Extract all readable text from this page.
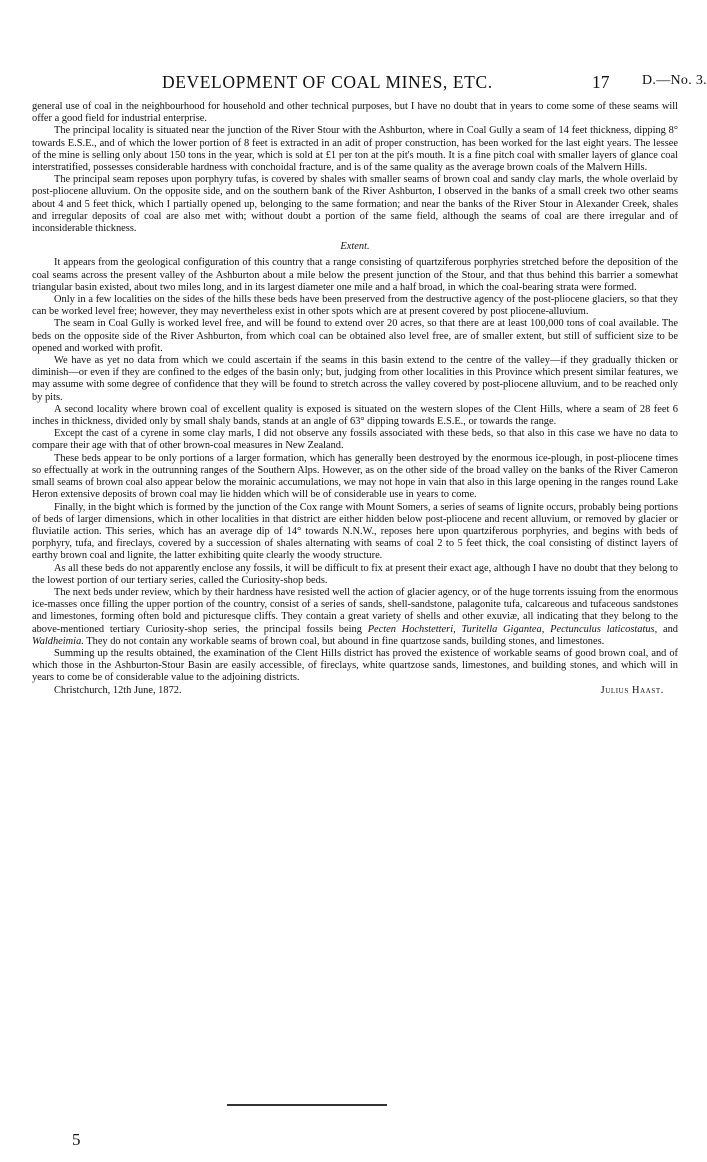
DEVELOPMENT OF COAL MINES, ETC.	17 D.—No. 3.

general use of coal in the neighbourhood for household and other technical purposes, but I have no doubt that in years to come some of these seams will offer a good field for industrial enterprise.

The principal locality is situated near the junction of the River Stour with the Ashburton, where in Coal Gully a seam of 14 feet thickness, dipping 8° towards E.S.E., and of which the lower portion of 8 feet is extracted in an adit of proper construction, has been worked for the last eight years. The lessee of the mine is selling only about 150 tons in the year, which is sold at £1 per ton at the pit's mouth. It is a fine pitch coal with smaller layers of glance coal interstratified, possesses considerable hardness with conchoidal fracture, and is of the same quality as the average brown coals of the Malvern Hills.

The principal seam reposes upon porphyry tufas, is covered by shales with smaller seams of brown coal and sandy clay marls, the whole overlaid by post-pliocene alluvium. On the opposite side, and on the southern bank of the River Ashburton, I observed in the banks of a small creek two other seams about 4 and 5 feet thick, which I partially opened up, belonging to the same formation; and near the banks of the River Stour in Alexander Creek, shales and irregular deposits of coal are also met with; without doubt a portion of the same field, although the seams of coal are there irregular and of inconsiderable thickness.

Extent.

It appears from the geological configuration of this country that a range consisting of quartziferous porphyries stretched before the deposition of the coal seams across the present valley of the Ashburton about a mile below the present junction of the Stour, and that thus behind this barrier a somewhat triangular basin existed, about two miles long, and in its largest diameter one mile and a half broad, in which the coal-bearing strata were formed.

Only in a few localities on the sides of the hills these beds have been preserved from the destructive agency of the post-pliocene glaciers, so that they can be worked level free; however, they may nevertheless exist in other spots which are at present covered by post pliocene-alluvium.

The seam in Coal Gully is worked level free, and will be found to extend over 20 acres, so that there are at least 100,000 tons of coal available. The beds on the opposite side of the River Ashburton, from which coal can be obtained also level free, are of smaller extent, but still of sufficient size to be opened and worked with profit.

We have as yet no data from which we could ascertain if the seams in this basin extend to the centre of the valley—if they gradually thicken or diminish—or even if they are confined to the edges of the basin only; but, judging from other localities in this Province which present similar features, we may assume with some degree of confidence that they will be found to stretch across the valley covered by post-pliocene alluvium, and to be reached only by pits.

A second locality where brown coal of excellent quality is exposed is situated on the western slopes of the Clent Hills, where a seam of 28 feet 6 inches in thickness, divided only by small shaly bands, stands at an angle of 63° dipping towards E.S.E., or towards the range.

Except the cast of a cyrene in some clay marls, I did not observe any fossils associated with these beds, so that also in this case we have no data to compare their age with that of other brown-coal measures in New Zealand.

These beds appear to be only portions of a larger formation, which has generally been destroyed by the enormous ice-plough, in post-pliocene times so effectually at work in the outrunning ranges of the Southern Alps. However, as on the other side of the broad valley on the banks of the River Cameron small seams of brown coal also appear below the morainic accumulations, we may not hope in vain that also in this large opening in the ranges round Lake Heron extensive deposits of brown coal may lie hidden which will be of considerable use in years to come.

Finally, in the bight which is formed by the junction of the Cox range with Mount Somers, a series of seams of lignite occurs, probably being portions of beds of larger dimensions, which in other localities in that district are either hidden below post-pliocene and recent alluvium, or removed by glacier or fluviatile action. This series, which has an average dip of 14° towards N.N.W., reposes here upon quartziferous porphyries, and begins with beds of porphyry, tufa, and fireclays, covered by a succession of shales alternating with seams of coal 2 to 5 feet thick, the coal consisting of distinct layers of earthy brown coal and lignite, the latter exhibiting quite clearly the woody structure.

As all these beds do not apparently enclose any fossils, it will be difficult to fix at present their exact age, although I have no doubt that they belong to the lowest portion of our tertiary series, called the Curiosity-shop beds.

The next beds under review, which by their hardness have resisted well the action of glacier agency, or of the huge torrents issuing from the enormous ice-masses once filling the upper portion of the country, consist of a series of sands, shell-sandstone, palagonite tufa, calcareous and tufaceous sandstones and limestones, forming often bold and picturesque cliffs. They contain a great variety of shells and other exuviæ, all indicating that they belong to the above-mentioned tertiary Curiosity-shop series, the principal fossils being Pecten Hochstetteri, Turitella Gigantea, Pectunculus laticostatus, and Waldheimia. They do not contain any workable seams of brown coal, but abound in fine quartzose sands, building stones, and limestones.

Summing up the results obtained, the examination of the Clent Hills district has proved the existence of workable seams of good brown coal, and of which those in the Ashburton-Stour Basin are easily accessible, of fireclays, white quartzose sands, limestones, and building stones, and which will in years to come be of considerable value to the adjoining districts.

Christchurch, 12th June, 1872.	Julius Haast.

5
